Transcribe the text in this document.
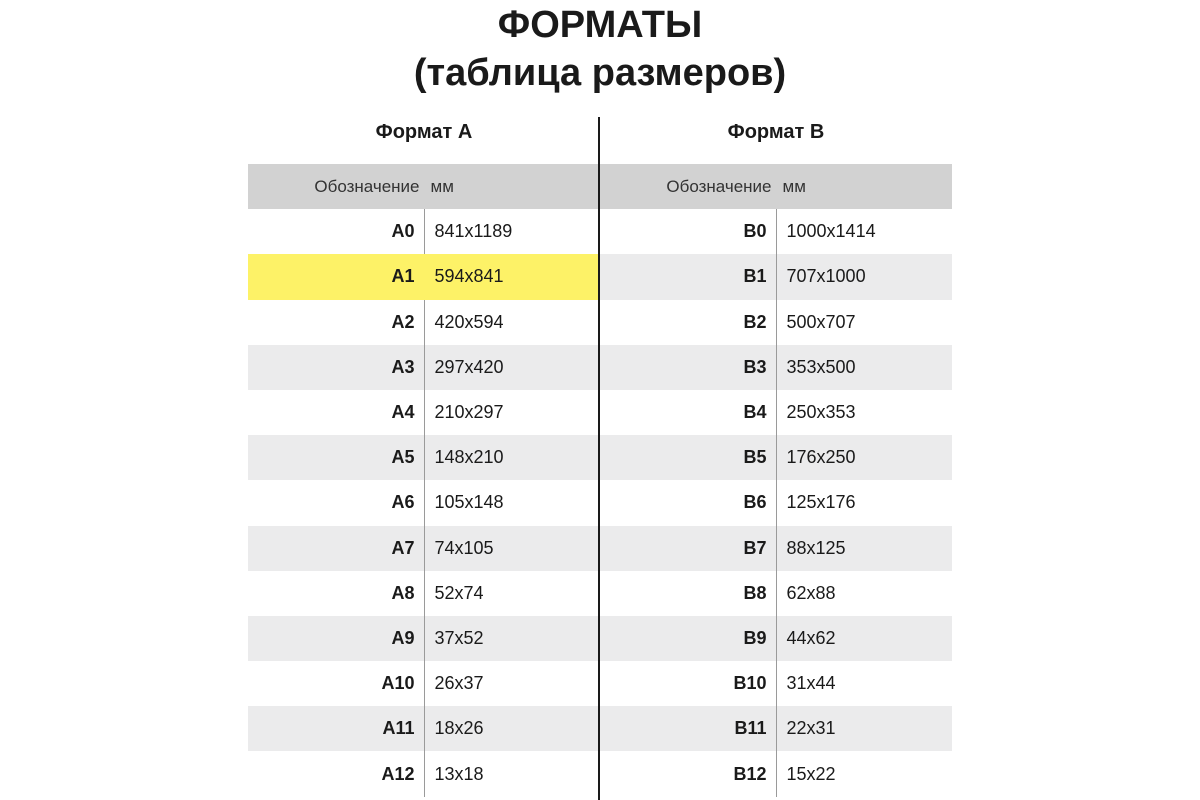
ФОРМАТЫ
(таблица размеров)
Формат А	Формат В
Обозначение	мм
A0	841x1189
A1	594x841
A2	420x594
A3	297x420
A4	210x297
A5	148x210
A6	105x148
A7	74x105
A8	52x74
A9	37x52
A10	26x37
A11	18x26
A12	13x18
Обозначение	мм
B0	1000x1414
B1	707x1000
B2	500x707
B3	353x500
B4	250x353
B5	176x250
B6	125x176
B7	88x125
B8	62x88
B9	44x62
B10	31x44
B11	22x31
B12	15x22
